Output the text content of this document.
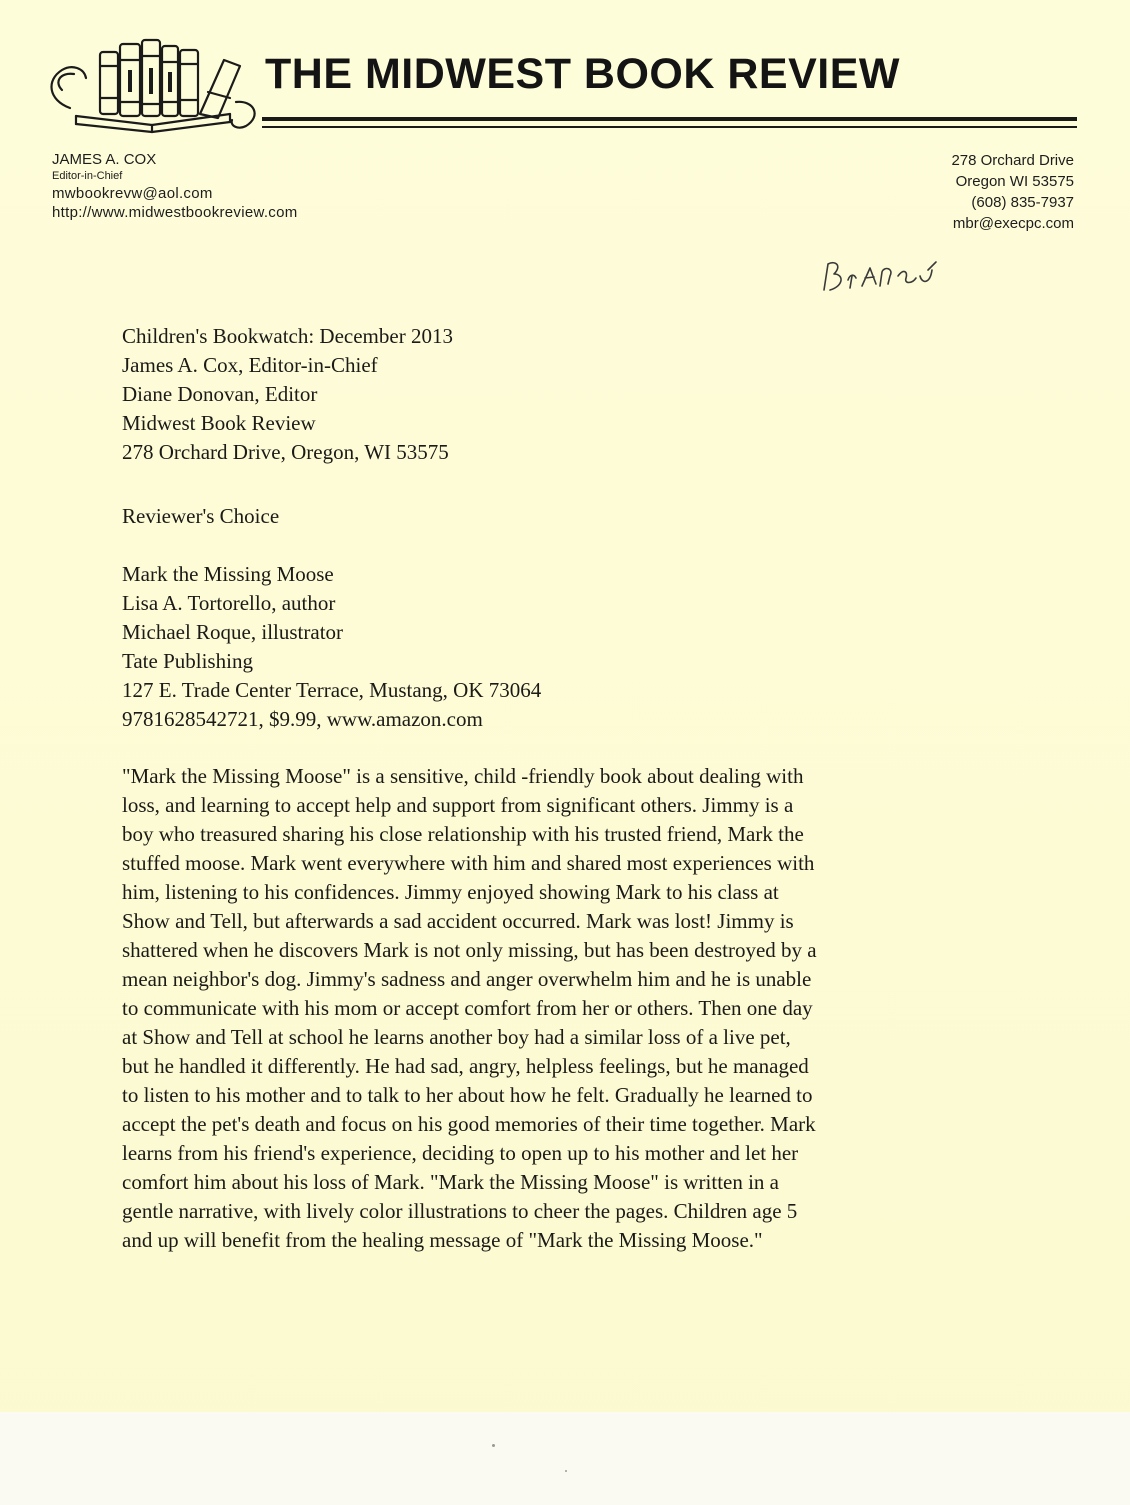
THE MIDWEST BOOK REVIEW
JAMES A. COX
Editor-in-Chief
mwbookrevw@aol.com
http://www.midwestbookreview.com
278 Orchard Drive
Oregon WI 53575
(608) 835-7937
mbr@execpc.com
Children's Bookwatch: December 2013
James A. Cox, Editor-in-Chief
Diane Donovan, Editor
Midwest Book Review
278 Orchard Drive, Oregon, WI 53575
Reviewer's Choice
Mark the Missing Moose
Lisa A. Tortorello, author
Michael Roque, illustrator
Tate Publishing
127 E. Trade Center Terrace, Mustang, OK 73064
9781628542721, $9.99, www.amazon.com
"Mark the Missing Moose" is a sensitive, child -friendly book about dealing with
loss, and learning to accept help and support from significant others. Jimmy is a
boy who treasured sharing his close relationship with his trusted friend, Mark the
stuffed moose. Mark went everywhere with him and shared most experiences with
him, listening to his confidences. Jimmy enjoyed showing Mark to his class at
Show and Tell, but afterwards a sad accident occurred. Mark was lost! Jimmy is
shattered when he discovers Mark is not only missing, but has been destroyed by a
mean neighbor's dog. Jimmy's sadness and anger overwhelm him and he is unable
to communicate with his mom or accept comfort from her or others. Then one day
at Show and Tell at school he learns another boy had a similar loss of a live pet,
but he handled it differently. He had sad, angry, helpless feelings, but he managed
to listen to his mother and to talk to her about how he felt. Gradually he learned to
accept the pet's death and focus on his good memories of their time together. Mark
learns from his friend's experience, deciding to open up to his mother and let her
comfort him about his loss of Mark. "Mark the Missing Moose" is written in a
gentle narrative, with lively color illustrations to cheer the pages. Children age 5
and up will benefit from the healing message of "Mark the Missing Moose."
